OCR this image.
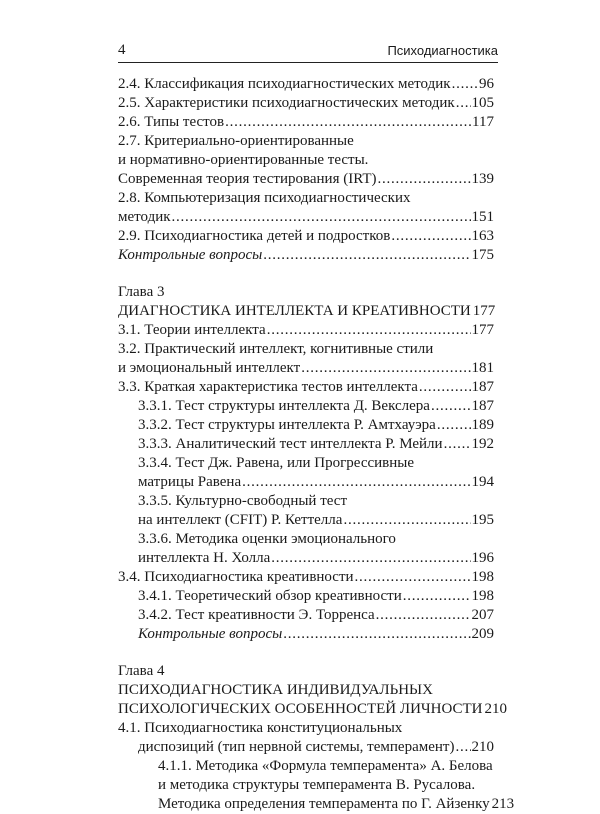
4	Психодиагностика
2.4. Классификация психодиагностических методик . . . 96
2.5. Характеристики психодиагностических методик . . . 105
2.6. Типы тестов . . .	117
2.7. Критериально-ориентированные
и нормативно-ориентированные тесты.
Современная теория тестирования (IRT) . . .	139
2.8. Компьютеризация психодиагностических
методик . . .	151
2.9. Психодиагностика детей и подростков . . .	163
Контрольные вопросы . . .	175
Глава 3
ДИАГНОСТИКА ИНТЕЛЛЕКТА И КРЕАТИВНОСТИ 177
3.1. Теории интеллекта . . .	177
3.2. Практический интеллект, когнитивные стили
и эмоциональный интеллект . . .	181
3.3. Краткая характеристика тестов интеллекта . . .	187
3.3.1. Тест структуры интеллекта Д. Векслера . . .	187
3.3.2. Тест структуры интеллекта Р. Амтхауэра . . . 189
3.3.3. Аналитический тест интеллекта Р. Мейли . . . 192
3.3.4. Тест Дж. Равена, или Прогрессивные
матрицы Равена . . .	194
3.3.5. Культурно-свободный тест
на интеллект (CFIT) Р. Кеттелла . . .	195
3.3.6. Методика оценки эмоционального
интеллекта Н. Холла . . .	196
3.4. Психодиагностика креативности . . .	198
3.4.1. Теоретический обзор креативности . . .	198
3.4.2. Тест креативности Э. Торренса . . .	207
Контрольные вопросы . . .	209
Глава 4
ПСИХОДИАГНОСТИКА ИНДИВИДУАЛЬНЫХ
ПСИХОЛОГИЧЕСКИХ ОСОБЕННОСТЕЙ ЛИЧНОСТИ 210
4.1. Психодиагностика конституциональных
диспозиций (тип нервной системы, темперамент) . . . 210
4.1.1. Методика «Формула темперамента» А. Белова
и методика структуры темперамента В. Русалова.
Методика определения темперамента по Г. Айзенку 213
